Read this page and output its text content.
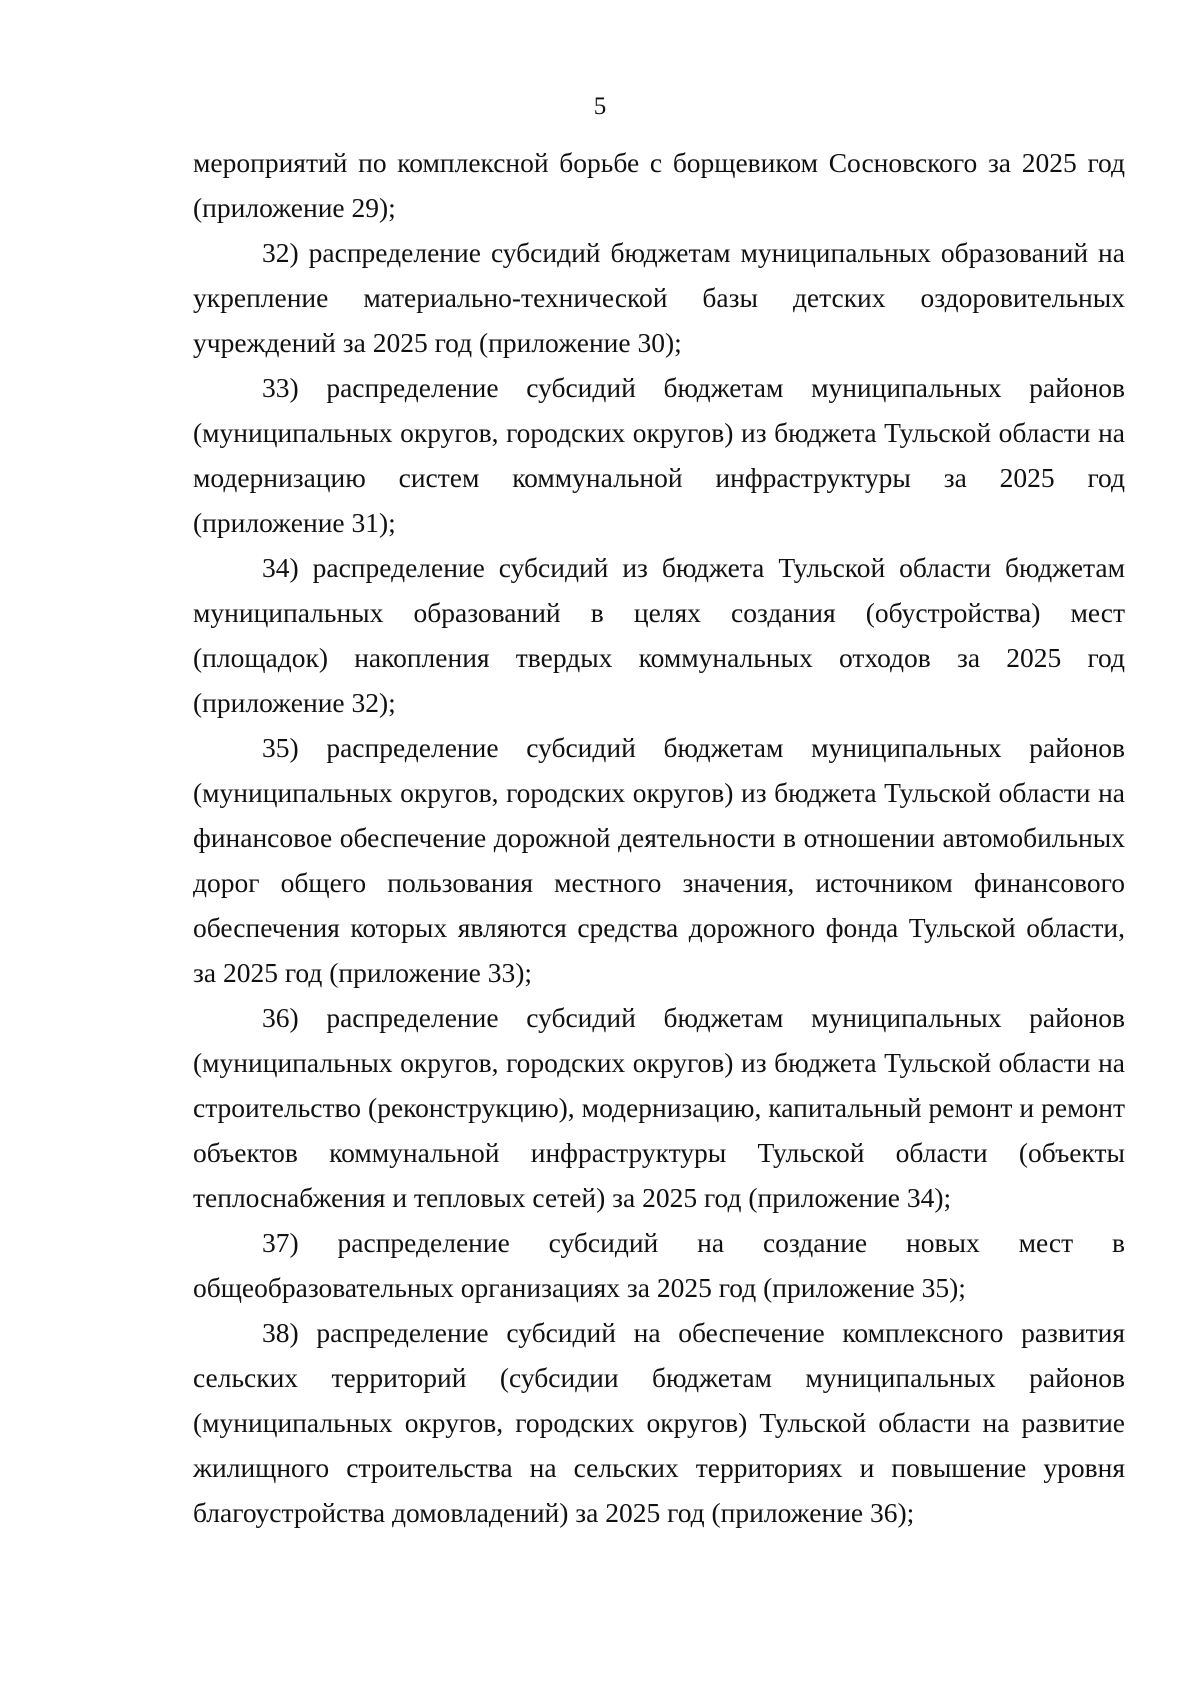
5

мероприятий по комплексной борьбе с борщевиком Сосновского за 2025 год (приложение 29);

32) распределение субсидий бюджетам муниципальных образований на укрепление материально-технической базы детских оздоровительных учреждений за 2025 год (приложение 30);

33) распределение субсидий бюджетам муниципальных районов (муниципальных округов, городских округов) из бюджета Тульской области на модернизацию систем коммунальной инфраструктуры за 2025 год (приложение 31);

34) распределение субсидий из бюджета Тульской области бюджетам муниципальных образований в целях создания (обустройства) мест (площадок) накопления твердых коммунальных отходов за 2025 год (приложение 32);

35) распределение субсидий бюджетам муниципальных районов (муниципальных округов, городских округов) из бюджета Тульской области на финансовое обеспечение дорожной деятельности в отношении автомобильных дорог общего пользования местного значения, источником финансового обеспечения которых являются средства дорожного фонда Тульской области, за 2025 год (приложение 33);

36) распределение субсидий бюджетам муниципальных районов (муниципальных округов, городских округов) из бюджета Тульской области на строительство (реконструкцию), модернизацию, капитальный ремонт и ремонт объектов коммунальной инфраструктуры Тульской области (объекты теплоснабжения и тепловых сетей) за 2025 год (приложение 34);

37) распределение субсидий на создание новых мест в общеобразовательных организациях за 2025 год (приложение 35);

38) распределение субсидий на обеспечение комплексного развития сельских территорий (субсидии бюджетам муниципальных районов (муниципальных округов, городских округов) Тульской области на развитие жилищного строительства на сельских территориях и повышение уровня благоустройства домовладений) за 2025 год (приложение 36);
